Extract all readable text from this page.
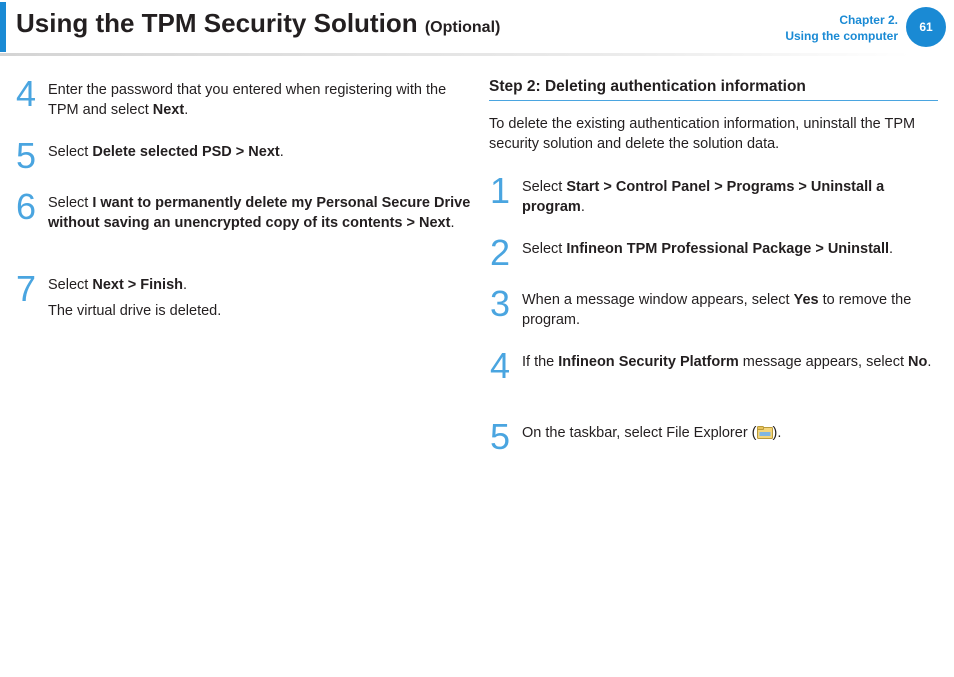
Using the TPM Security Solution (Optional)	Chapter 2.
Using the computer
61
4 Enter the password that you entered when registering with the TPM and select Next.
5 Select Delete selected PSD > Next.
6 Select I want to permanently delete my Personal Secure Drive without saving an unencrypted copy of its contents > Next.
7 Select Next > Finish.
The virtual drive is deleted.
Step 2: Deleting authentication information
To delete the existing authentication information, uninstall the TPM security solution and delete the solution data.
1 Select Start > Control Panel > Programs > Uninstall a program.
2 Select Infineon TPM Professional Package > Uninstall.
3 When a message window appears, select Yes to remove the program.
4 If the Infineon Security Platform message appears, select No.
5 On the taskbar, select File Explorer ( ).
